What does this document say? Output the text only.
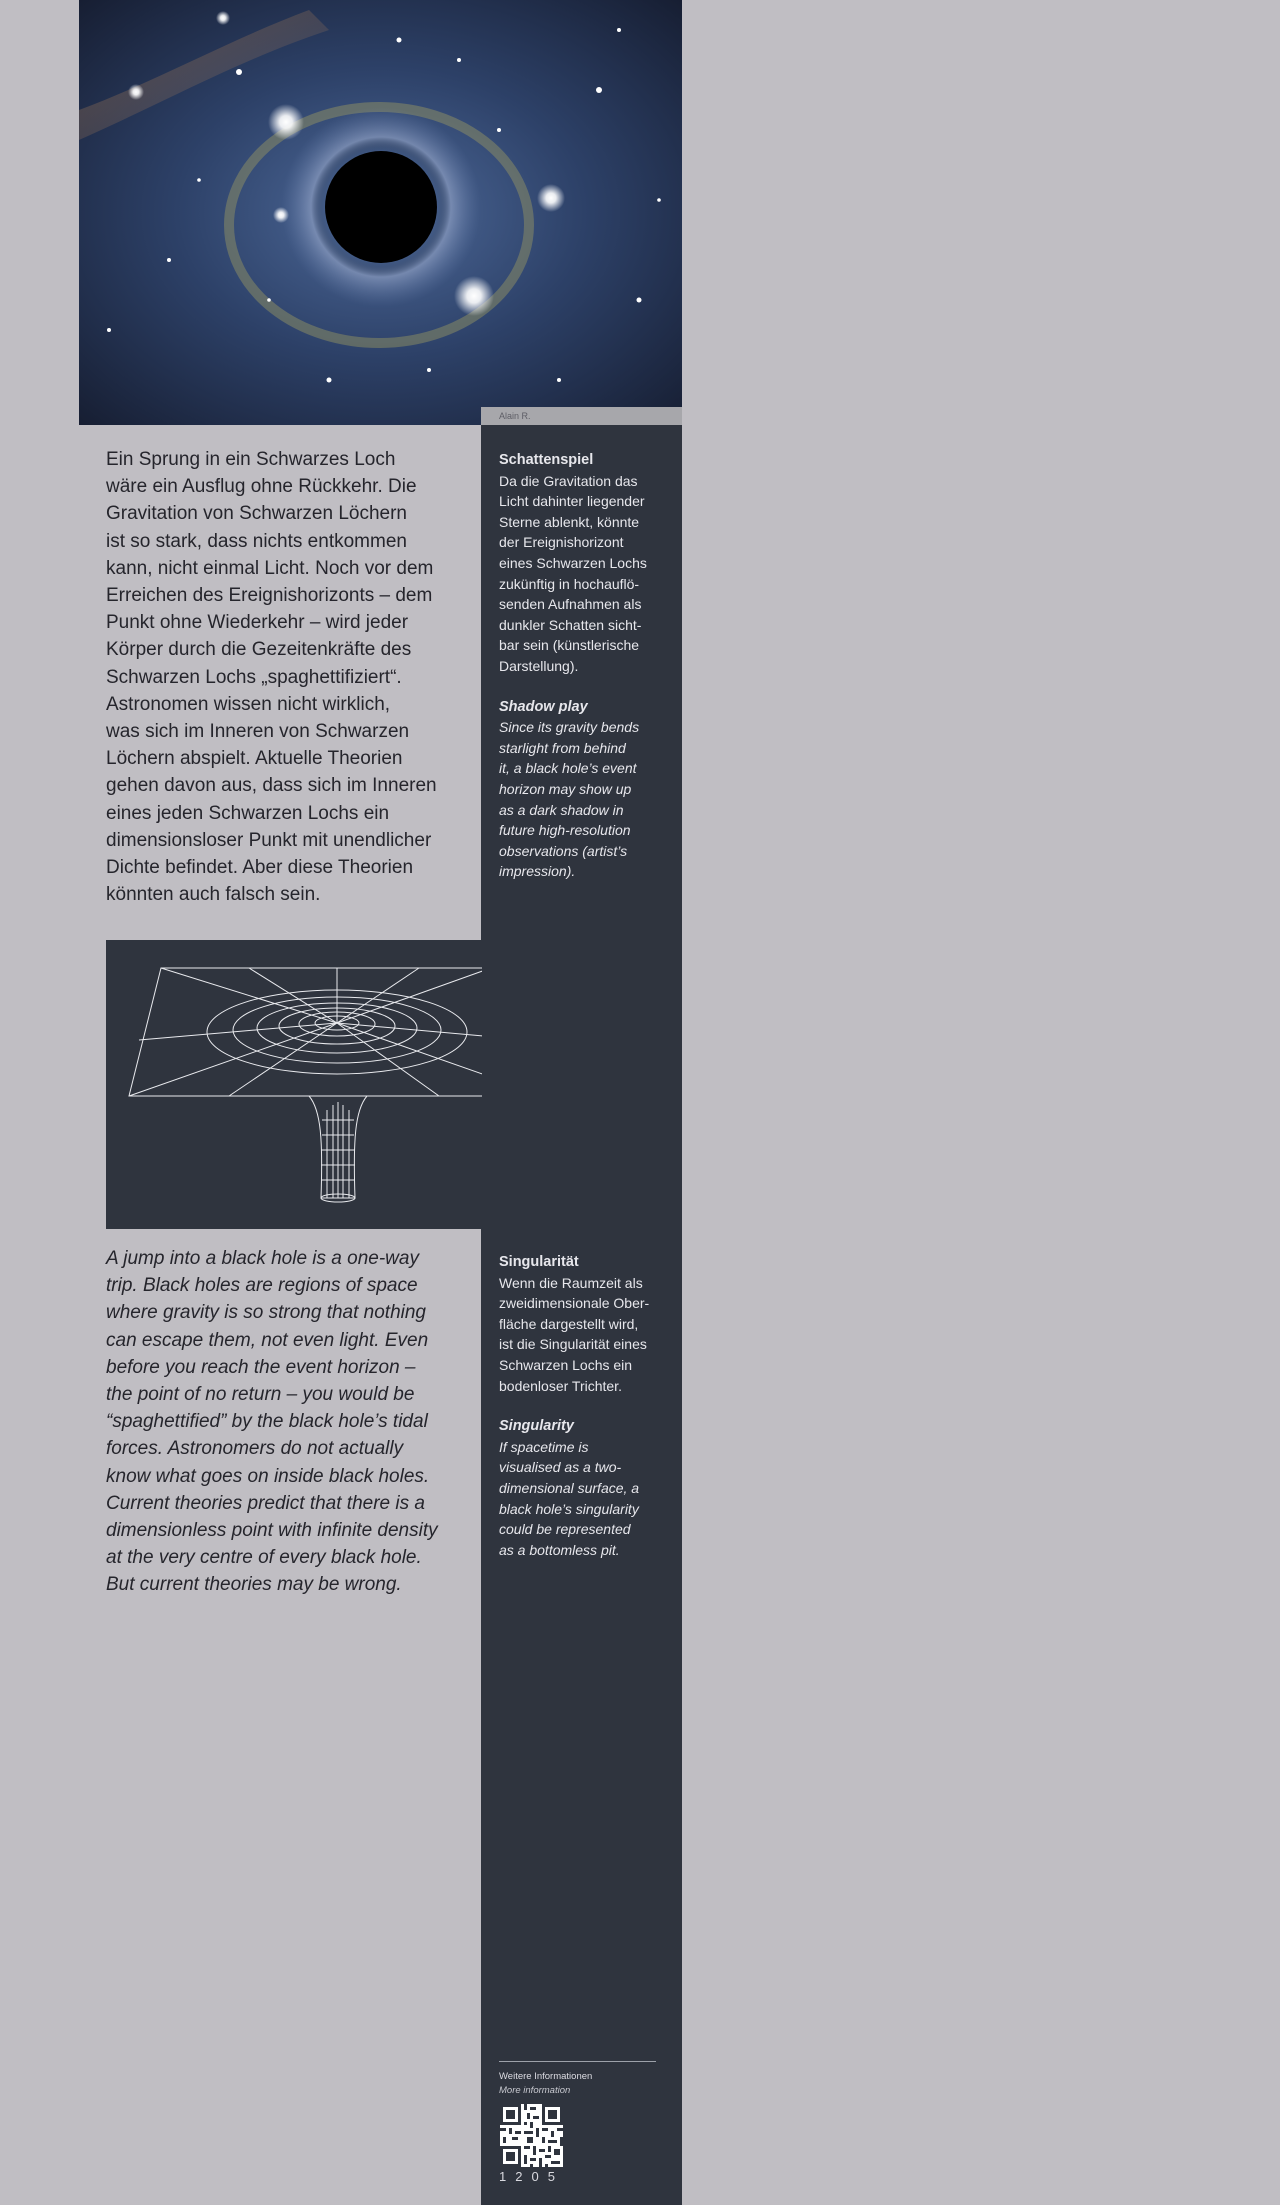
Alain R.
Schattenspiel
Da die Gravitation das
Licht dahinter liegender
Sterne ablenkt, könnte
der Ereignishorizont
eines Schwarzen Lochs
zukünftig in hochauflö-
senden Aufnahmen als
dunkler Schatten sicht-
bar sein (künstlerische
Darstellung).
Shadow play
Since its gravity bends
starlight from behind
it, a black hole’s event
horizon may show up
as a dark shadow in
future high-resolution
observations (artist’s
impression).
Ein Sprung in ein Schwarzes Loch
wäre ein Ausflug ohne Rückkehr. Die
Gravitation von Schwarzen Löchern
ist so stark, dass nichts entkommen
kann, nicht einmal Licht. Noch vor dem
Erreichen des Ereignishorizonts – dem
Punkt ohne Wiederkehr – wird jeder
Körper durch die Gezeitenkräfte des
Schwarzen Lochs „spaghettifiziert“.
Astronomen wissen nicht wirklich,
was sich im Inneren von Schwarzen
Löchern abspielt. Aktuelle Theorien
gehen davon aus, dass sich im Inneren
eines jeden Schwarzen Lochs ein
dimensionsloser Punkt mit unendlicher
Dichte befindet. Aber diese Theorien
könnten auch falsch sein.
A jump into a black hole is a one-way
trip. Black holes are regions of space
where gravity is so strong that nothing
can escape them, not even light. Even
before you reach the event horizon –
the point of no return – you would be
“spaghettified” by the black hole’s tidal
forces. Astronomers do not actually
know what goes on inside black holes.
Current theories predict that there is a
dimensionless point with infinite density
at the very centre of every black hole.
But current theories may be wrong.
Singularität
Wenn die Raumzeit als
zweidimensionale Ober-
fläche dargestellt wird,
ist die Singularität eines
Schwarzen Lochs ein
bodenloser Trichter.
Singularity
If spacetime is
visualised as a two-
dimensional surface, a
black hole’s singularity
could be represented
as a bottomless pit.
Weitere Informationen
More information
1205
